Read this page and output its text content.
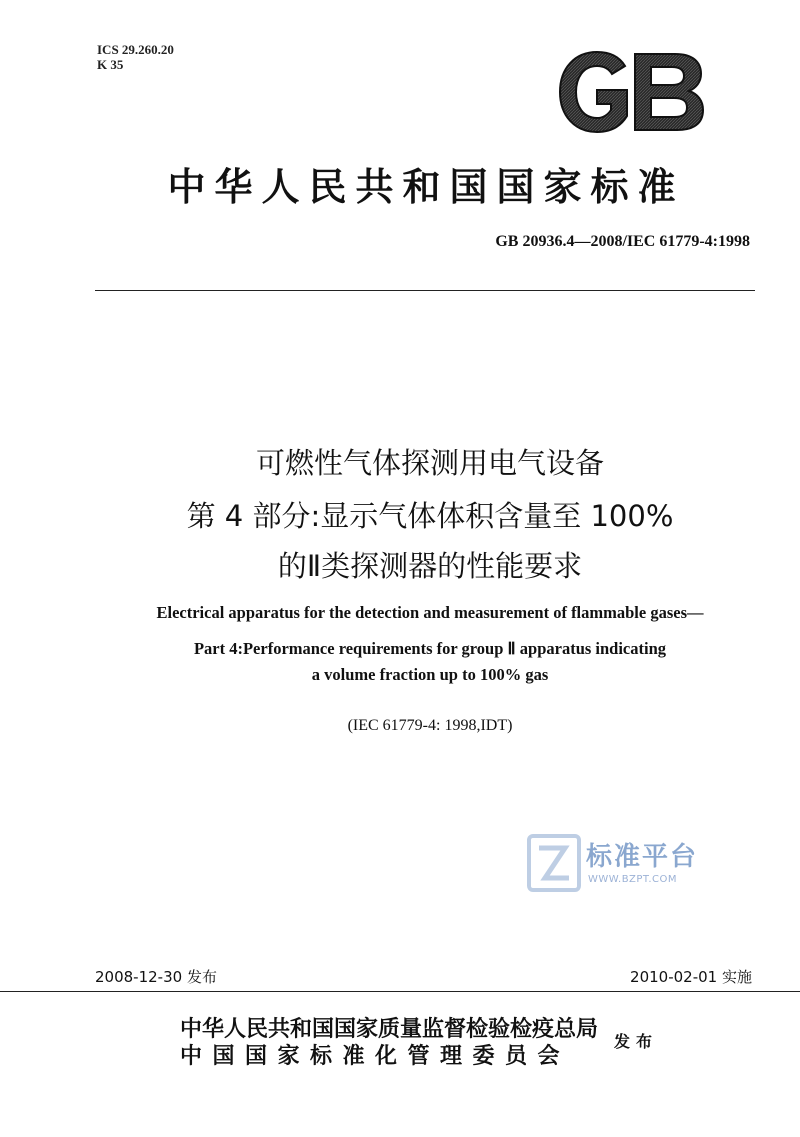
ICS 29.260.20
K 35
中华人民共和国国家标准
GB 20936.4—2008/IEC 61779-4:1998
可燃性气体探测用电气设备
第 4 部分:显示气体体积含量至 100%
的Ⅱ类探测器的性能要求
Electrical apparatus for the detection and measurement of flammable gases—
Part 4:Performance requirements for group Ⅱ apparatus indicating
a volume fraction up to 100% gas
(IEC 61779-4: 1998,IDT)
标准平台
WWW.BZPT.COM
2008-12-30 发布	2010-02-01 实施
中华人民共和国国家质量监督检验检疫总局
中国国家标准化管理委员会
发布
